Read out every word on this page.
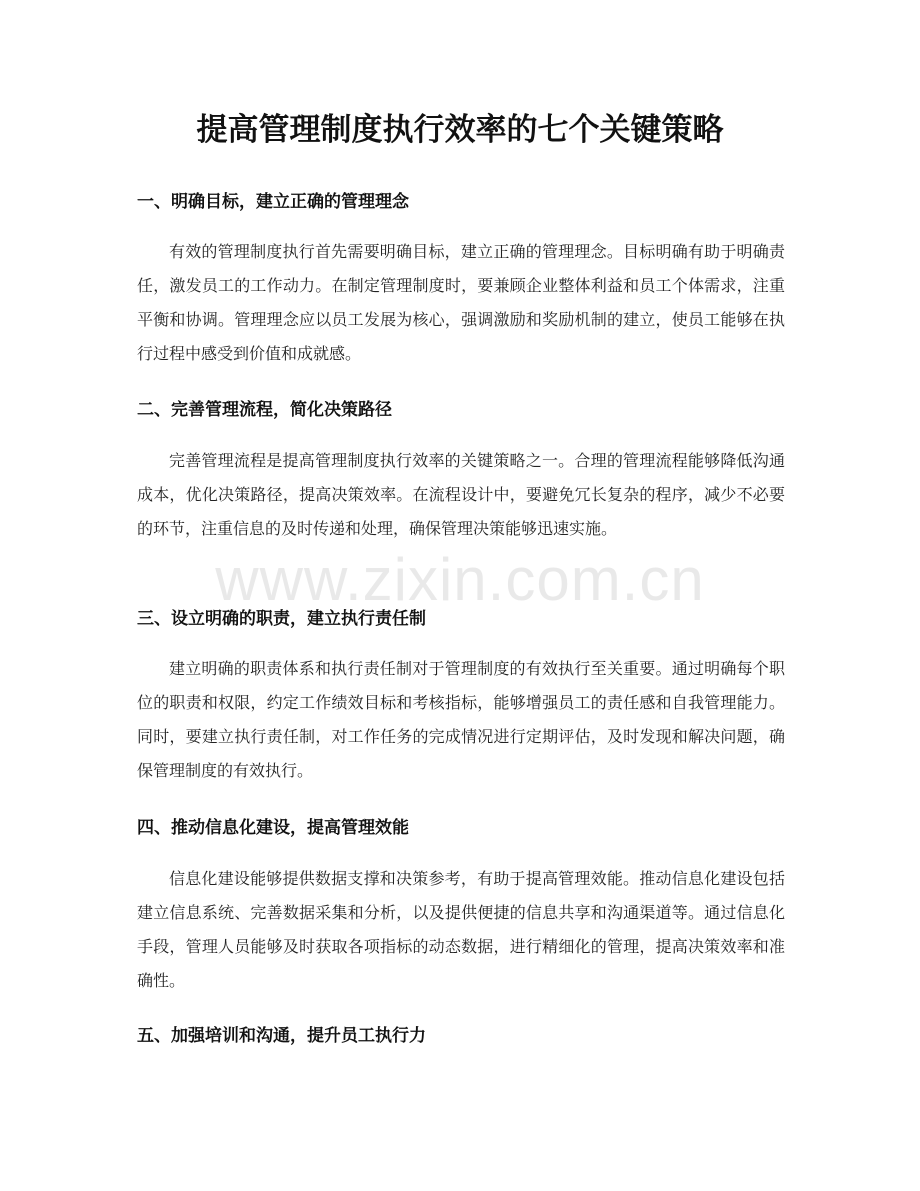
提高管理制度执行效率的七个关键策略
一、明确目标，建立正确的管理理念

有效的管理制度执行首先需要明确目标，建立正确的管理理念。目标明确有助于明确责任，激发员工的工作动力。在制定管理制度时，要兼顾企业整体利益和员工个体需求，注重平衡和协调。管理理念应以员工发展为核心，强调激励和奖励机制的建立，使员工能够在执行过程中感受到价值和成就感。

二、完善管理流程，简化决策路径

完善管理流程是提高管理制度执行效率的关键策略之一。合理的管理流程能够降低沟通成本，优化决策路径，提高决策效率。在流程设计中，要避免冗长复杂的程序，减少不必要的环节，注重信息的及时传递和处理，确保管理决策能够迅速实施。

三、设立明确的职责，建立执行责任制

建立明确的职责体系和执行责任制对于管理制度的有效执行至关重要。通过明确每个职位的职责和权限，约定工作绩效目标和考核指标，能够增强员工的责任感和自我管理能力。同时，要建立执行责任制，对工作任务的完成情况进行定期评估，及时发现和解决问题，确保管理制度的有效执行。

四、推动信息化建设，提高管理效能

信息化建设能够提供数据支撑和决策参考，有助于提高管理效能。推动信息化建设包括建立信息系统、完善数据采集和分析，以及提供便捷的信息共享和沟通渠道等。通过信息化手段，管理人员能够及时获取各项指标的动态数据，进行精细化的管理，提高决策效率和准确性。

五、加强培训和沟通，提升员工执行力
www.zixin.com.cn
